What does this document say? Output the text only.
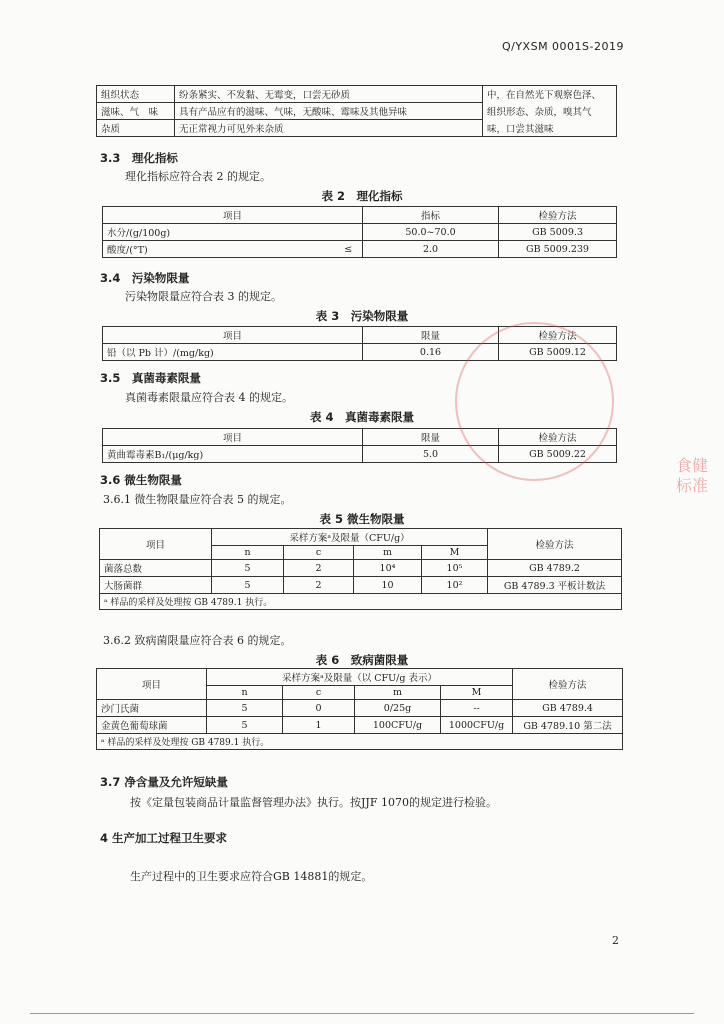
Q/YXSM 0001S-2019
组织状态	纷条紧实、不发黏、无霉变，口尝无砂质	中，在自然光下观察色泽、
滋味、气　味	具有产品应有的滋味、气味，无酸味、霉味及其他异味	组织形态、杂质，嗅其气
杂质	无正常视力可见外来杂质	味，口尝其滋味
3.3　理化指标
理化指标应符合表 2 的规定。
表 2　理化指标
项目		指标	检验方法
水分/(g/100g)		50.0~70.0	GB 5009.3
酸度/(°T)	≤	2.0	GB 5009.239
3.4　污染物限量
污染物限量应符合表 3 的规定。
表 3　污染物限量
项目	限量	检验方法
铅（以 Pb 计）/(mg/kg)	0.16	GB 5009.12
3.5　真菌毒素限量
真菌毒素限量应符合表 4 的规定。
表 4　真菌毒素限量
项目	限量	检验方法
黄曲霉毒素B₁/(μg/kg)	5.0	GB 5009.22
3.6 微生物限量
3.6.1 微生物限量应符合表 5 的规定。
表 5 微生物限量
项目	采样方案ᵃ及限量（CFU/g）				检验方法
	n	c	m	M	
菌落总数	5	2	10⁴	10⁵	GB 4789.2
大肠菌群	5	2	10	10²	GB 4789.3 平板计数法
ᵃ 样品的采样及处理按 GB 4789.1 执行。					
3.6.2 致病菌限量应符合表 6 的规定。
表 6　致病菌限量
项目	采样方案ᵃ及限量（以 CFU/g 表示）				检验方法
	n	c	m	M	
沙门氏菌	5	0	0/25g	--	GB 4789.4
金黄色葡萄球菌	5	1	100CFU/g	1000CFU/g	GB 4789.10 第二法
ᵃ 样品的采样及处理按 GB 4789.1 执行。					
3.7 净含量及允许短缺量
按《定量包装商品计量监督管理办法》执行。按JJF 1070的规定进行检验。
4 生产加工过程卫生要求
生产过程中的卫生要求应符合GB 14881的规定。
2
食健 标准
